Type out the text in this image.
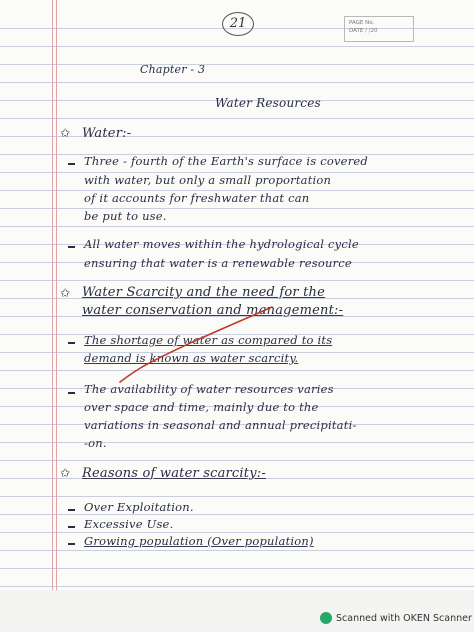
21	PAGE No.
DATE / /20
Chapter - 3
Water Resources
✩ Water:-
Three - fourth of the Earth's surface is covered
with water, but only a small proportation
of it accounts for freshwater that can
be put to use.
All water moves within the hydrological cycle
ensuring that water is a renewable resource
✩ Water Scarcity and the need for the
water conservation and management:-
The shortage of water as compared to its
demand is known as water scarcity.
The availability of water resources varies
over space and time, mainly due to the
variations in seasonal and annual precipitati-
-on.
✩ Reasons of water scarcity:-
Over Exploitation.
Excessive Use.
Growing population (Over population)
Scanned with OKEN Scanner
